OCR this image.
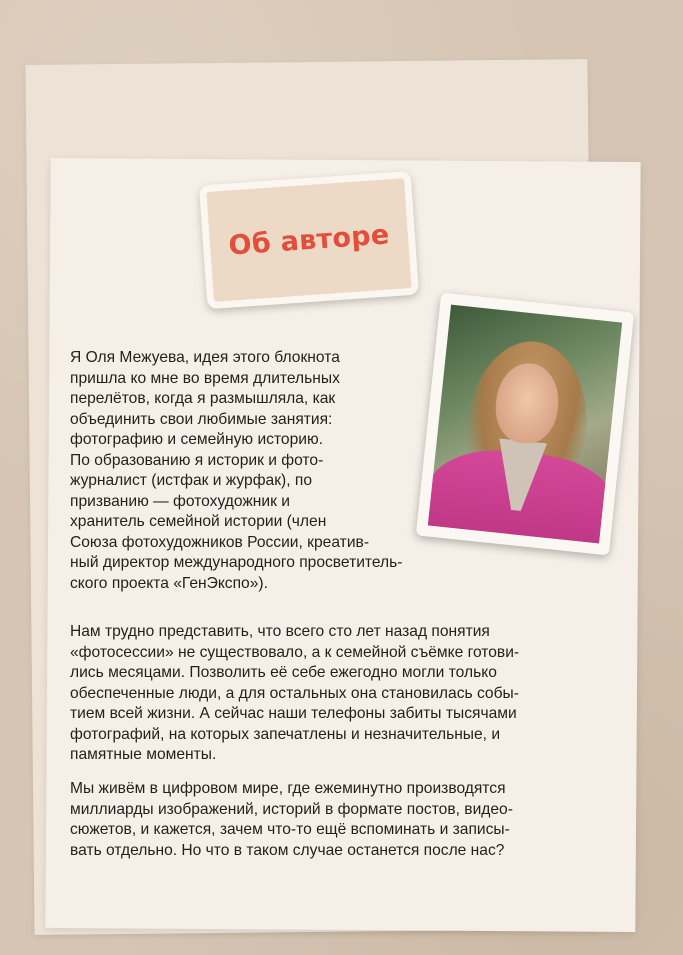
Об авторе

Я Оля Межуева, идея этого блокнота

пришла ко мне во время длительных

перелётов, когда я размышляла, как

объединить свои любимые занятия:

фотографию и семейную историю.

По образованию я историк и фото-

журналист (истфак и журфак), по

призванию — фотохудожник и

хранитель семейной истории (член

Союза фотохудожников России, креатив-

ный директор международного просветитель-

ского проекта «ГенЭкспо»).

Нам трудно представить, что всего сто лет назад понятия

«фотосессии» не существовало, а к семейной съёмке готови-

лись месяцами. Позволить её себе ежегодно могли только

обеспеченные люди, а для остальных она становилась собы-

тием всей жизни. А сейчас наши телефоны забиты тысячами

фотографий, на которых запечатлены и незначительные, и

памятные моменты.

Мы живём в цифровом мире, где ежеминутно производятся

миллиарды изображений, историй в формате постов, видео-

сюжетов, и кажется, зачем что-то ещё вспоминать и записы-

вать отдельно. Но что в таком случае останется после нас?
